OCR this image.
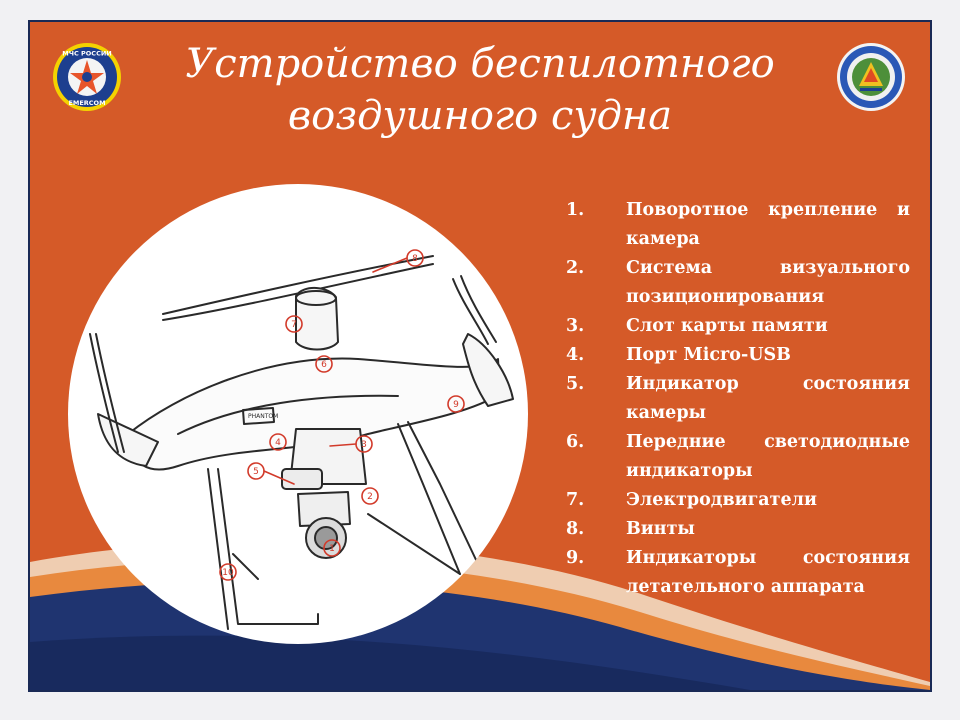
Устройство беспилотного
воздушного судна
МЧС РОССИИ
EMERCOM
PHANTOM
8
7
6
3
4
5
2
1
9
10
1.	Поворотное крепление и камера
2.	Система визуального позиционирования
3.	Слот карты памяти
4.	Порт Micro-USB
5.	Индикатор состояния камеры
6.	Передние светодиодные индикаторы
7.	Электродвигатели
8.	Винты
9.	Индикаторы состояния летательного аппарата
